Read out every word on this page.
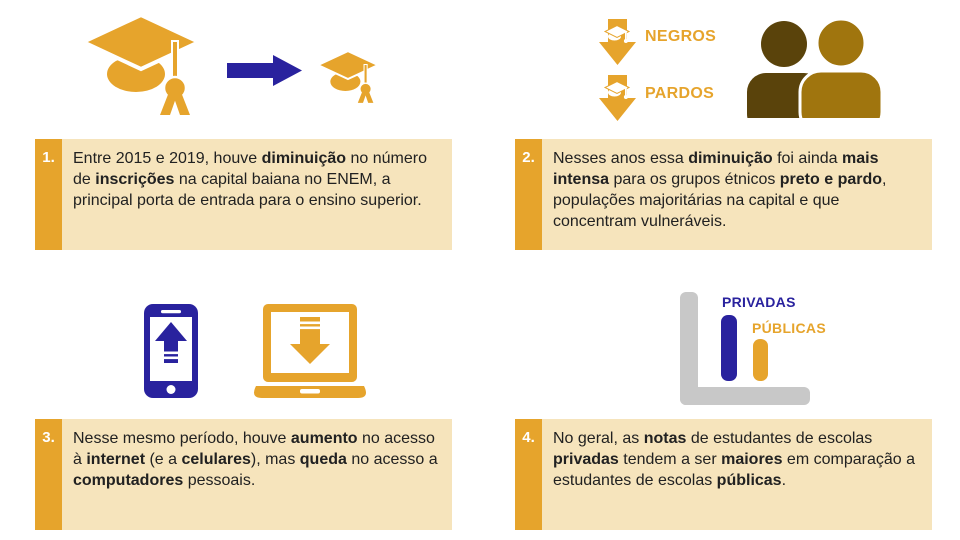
NEGROS
PARDOS
PRIVADAS
PÚBLICAS
1.	Entre 2015 e 2019, houve diminuição no número de inscrições na capital baiana no ENEM, a principal porta de entrada para o ensino superior.
2.	Nesses anos essa diminuição foi ainda mais intensa para os grupos étnicos preto e pardo, populações majoritárias na capital e que concentram vulneráveis.
3.	Nesse mesmo período, houve aumento no acesso à internet (e a celulares), mas queda no acesso a computadores pessoais.
4.	No geral, as notas de estudantes de escolas privadas tendem a ser maiores em comparação a estudantes de escolas públicas.
